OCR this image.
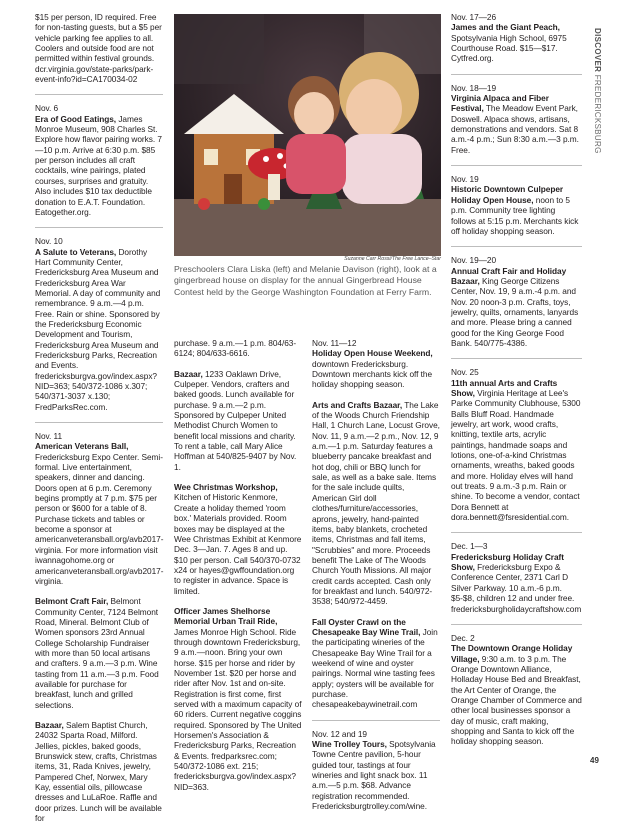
$15 per person, ID required. Free for non-tasting guests, but a $5 per vehicle parking fee applies to all. Coolers and outside food are not permitted within festival grounds. dcr.virginia.gov/state-parks/park-event-info?id=CA170034-02

Nov. 6

Era of Good Eatings, James Monroe Museum, 908 Charles St. Explore how flavor pairing works. 7—10 p.m. Arrive at 6:30 p.m. $85 per person includes all craft cocktails, wine pairings, plated courses, surprises and gratuity. Also includes $10 tax deductible donation to E.A.T. Foundation. Eatogether.org.

Nov. 10

A Salute to Veterans, Dorothy Hart Community Center, Fredericksburg Area Museum and Fredericksburg Area War Memorial. A day of community and remembrance. 9 a.m.—4 p.m. Free. Rain or shine. Sponsored by the Fredericksburg Economic Development and Tourism, Fredericksburg Area Museum and Fredericksburg Parks, Recreation and Events. fredericksburgva.gov/index.aspx?NID=363; 540/372-1086 x.307; 540/371-3037 x.130; FredParksRec.com.

Nov. 11

American Veterans Ball, Fredericksburg Expo Center. Semi-formal. Live entertainment, speakers, dinner and dancing. Doors open at 6 p.m. Ceremony begins promptly at 7 p.m. $75 per person or $600 for a table of 8. Purchase tickets and tables or become a sponsor at americanveteransball.org/avb2017-virginia. For more information visit iwannagohome.org or americanveteransball.org/avb2017-virginia.

Belmont Craft Fair, Belmont Community Center, 7124 Belmont Road, Mineral. Belmont Club of Women sponsors 23rd Annual College Scholarship Fundraiser with more than 50 local artisans and crafters. 9 a.m.—3 p.m. Wine tasting from 11 a.m.—3 p.m. Food available for purchase for breakfast, lunch and grilled selections.

Bazaar, Salem Baptist Church, 24032 Sparta Road, Milford. Jellies, pickles, baked goods, Brunswick stew, crafts, Christmas items, 31, Rada Knives, jewelry, Pampered Chef, Norwex, Mary Kay, essential oils, pillowcase dresses and LuLaRoe. Raffle and door prizes. Lunch will be available for

Suzanne Carr Rossi/The Free Lance–Star
Preschoolers Clara Liska (left) and Melanie Davison (right), look at a gingerbread house on display for the annual Gingerbread House Contest held by the George Washington Foundation at Ferry Farm.

purchase. 9 a.m.—1 p.m. 804/63-6124; 804/633-6616.

Bazaar, 1233 Oaklawn Drive, Culpeper. Vendors, crafters and baked goods. Lunch available for purchase. 9 a.m.—2 p.m. Sponsored by Culpeper United Methodist Church Women to benefit local missions and charity. To rent a table, call Mary Alice Hoffman at 540/825-9407 by Nov. 1.

Wee Christmas Workshop, Kitchen of Historic Kenmore, Create a holiday themed 'room box.' Materials provided. Room boxes may be displayed at the Wee Christmas Exhibit at Kenmore Dec. 3—Jan. 7. Ages 8 and up. $10 per person. Call 540/370-0732 x24 or hayes@gwffoundation.org to register in advance. Space is limited.

Officer James Shelhorse Memorial Urban Trail Ride, James Monroe High School. Ride through downtown Fredericksburg, 9 a.m.—noon. Bring your own horse. $15 per horse and rider by November 1st. $20 per horse and rider after Nov. 1st and on-site. Registration is first come, first served with a maximum capacity of 60 riders. Current negative coggins required. Sponsored by The United Horsemen's Association & Fredericksburg Parks, Recreation & Events. fredparksrec.com; 540/372-1086 ext. 215; fredericksburgva.gov/index.aspx?NID=363.

Nov. 11—12

Holiday Open House Weekend, downtown Fredericksburg. Downtown merchants kick off the holiday shopping season.

Arts and Crafts Bazaar, The Lake of the Woods Church Friendship Hall, 1 Church Lane, Locust Grove, Nov. 11, 9 a.m.—2 p.m., Nov. 12, 9 a.m.—1 p.m. Saturday features a blueberry pancake breakfast and hot dog, chili or BBQ lunch for sale, as well as a bake sale. Items for the sale include quilts, American Girl doll clothes/furniture/accessories, aprons, jewelry, hand-painted items, baby blankets, crocheted items, Christmas and fall items, "Scrubbies" and more. Proceeds benefit The Lake of The Woods Church Youth Missions. All major credit cards accepted. Cash only for breakfast and lunch. 540/972-3538; 540/972-4459.

Fall Oyster Crawl on the Chesapeake Bay Wine Trail, Join the participating wineries of the Chesapeake Bay Wine Trail for a weekend of wine and oyster pairings. Normal wine tasting fees apply; oysters will be available for purchase. chesapeakebaywinetrail.com

Nov. 12 and 19

Wine Trolley Tours, Spotsylvania Towne Centre pavilion, 5-hour guided tour, tastings at four wineries and light snack box. 11 a.m.—5 p.m. $68. Advance registration recommended. Fredericksburgtrolley.com/wine.

Nov. 17—26

James and the Giant Peach, Spotsylvania High School, 6975 Courthouse Road. $15—$17. Cytfred.org.

Nov. 18—19

Virginia Alpaca and Fiber Festival, The Meadow Event Park, Doswell. Alpaca shows, artisans, demonstrations and vendors. Sat 8 a.m.-4 p.m.; Sun 8:30 a.m.—3 p.m. Free.

Nov. 19

Historic Downtown Culpeper Holiday Open House, noon to 5 p.m. Community tree lighting follows at 5:15 p.m. Merchants kick off holiday shopping season.

Nov. 19—20

Annual Craft Fair and Holiday Bazaar, King George Citizens Center, Nov. 19, 9 a.m.-4 p.m. and Nov. 20 noon-3 p.m. Crafts, toys, jewelry, quilts, ornaments, lanyards and more. Please bring a canned good for the King George Food Bank. 540/775-4386.

Nov. 25

11th annual Arts and Crafts Show, Virginia Heritage at Lee's Parke Community Clubhouse, 5300 Balls Bluff Road. Handmade jewelry, art work, wood crafts, knitting, textile arts, acrylic paintings, handmade soaps and lotions, one-of-a-kind Christmas ornaments, wreaths, baked goods and more. Holiday elves will hand out treats. 9 a.m.-3 p.m. Rain or shine. To become a vendor, contact Dora Bennett at dora.bennett@fsresidential.com.

Dec. 1—3

Fredericksburg Holiday Craft Show, Fredericksburg Expo & Conference Center, 2371 Carl D Silver Parkway. 10 a.m.-6 p.m. $5-$8, children 12 and under free. fredericksburgholidaycraftshow.com

Dec. 2

The Downtown Orange Holiday Village, 9:30 a.m. to 3 p.m. The Orange Downtown Alliance, Holladay House Bed and Breakfast, the Art Center of Orange, the Orange Chamber of Commerce and other local businesses sponsor a day of music, craft making, shopping and Santa to kick off the holiday shopping season.

DISCOVER FREDERICKSBURG
49
